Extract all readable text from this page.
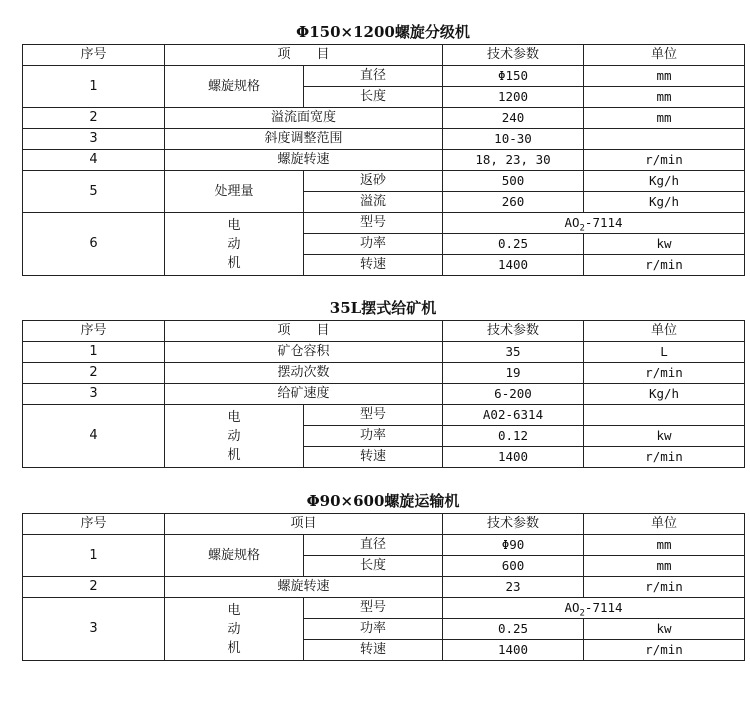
Φ150×1200螺旋分级机
序号	项　　目		技术参数	单位
1	螺旋规格	直径	Φ150	mm
		长度	1200	mm
2	溢流面宽度		240	mm
3	斜度调整范围		10-30	
4	螺旋转速		18, 23, 30	r/min
5	处理量	返砂	500	Kg/h
		溢流	260	Kg/h
6	电
动
机	型号	$AO_2-7114$	
		功率	0.25	kw
		转速	1400	r/min
35L摆式给矿机
序号	项　　目		技术参数	单位
1	矿仓容积		35	L
2	摆动次数		19	r/min
3	给矿速度		6-200	Kg/h
4	电
动
机	型号	A02-6314	
		功率	0.12	kw
		转速	1400	r/min
Φ90×600螺旋运输机
序号	项目		技术参数	单位
1	螺旋规格	直径	Φ90	mm
		长度	600	mm
2	螺旋转速		23	r/min
3	电
动
机	型号	$AO_2-7114$	
		功率	0.25	kw
		转速	1400	r/min
